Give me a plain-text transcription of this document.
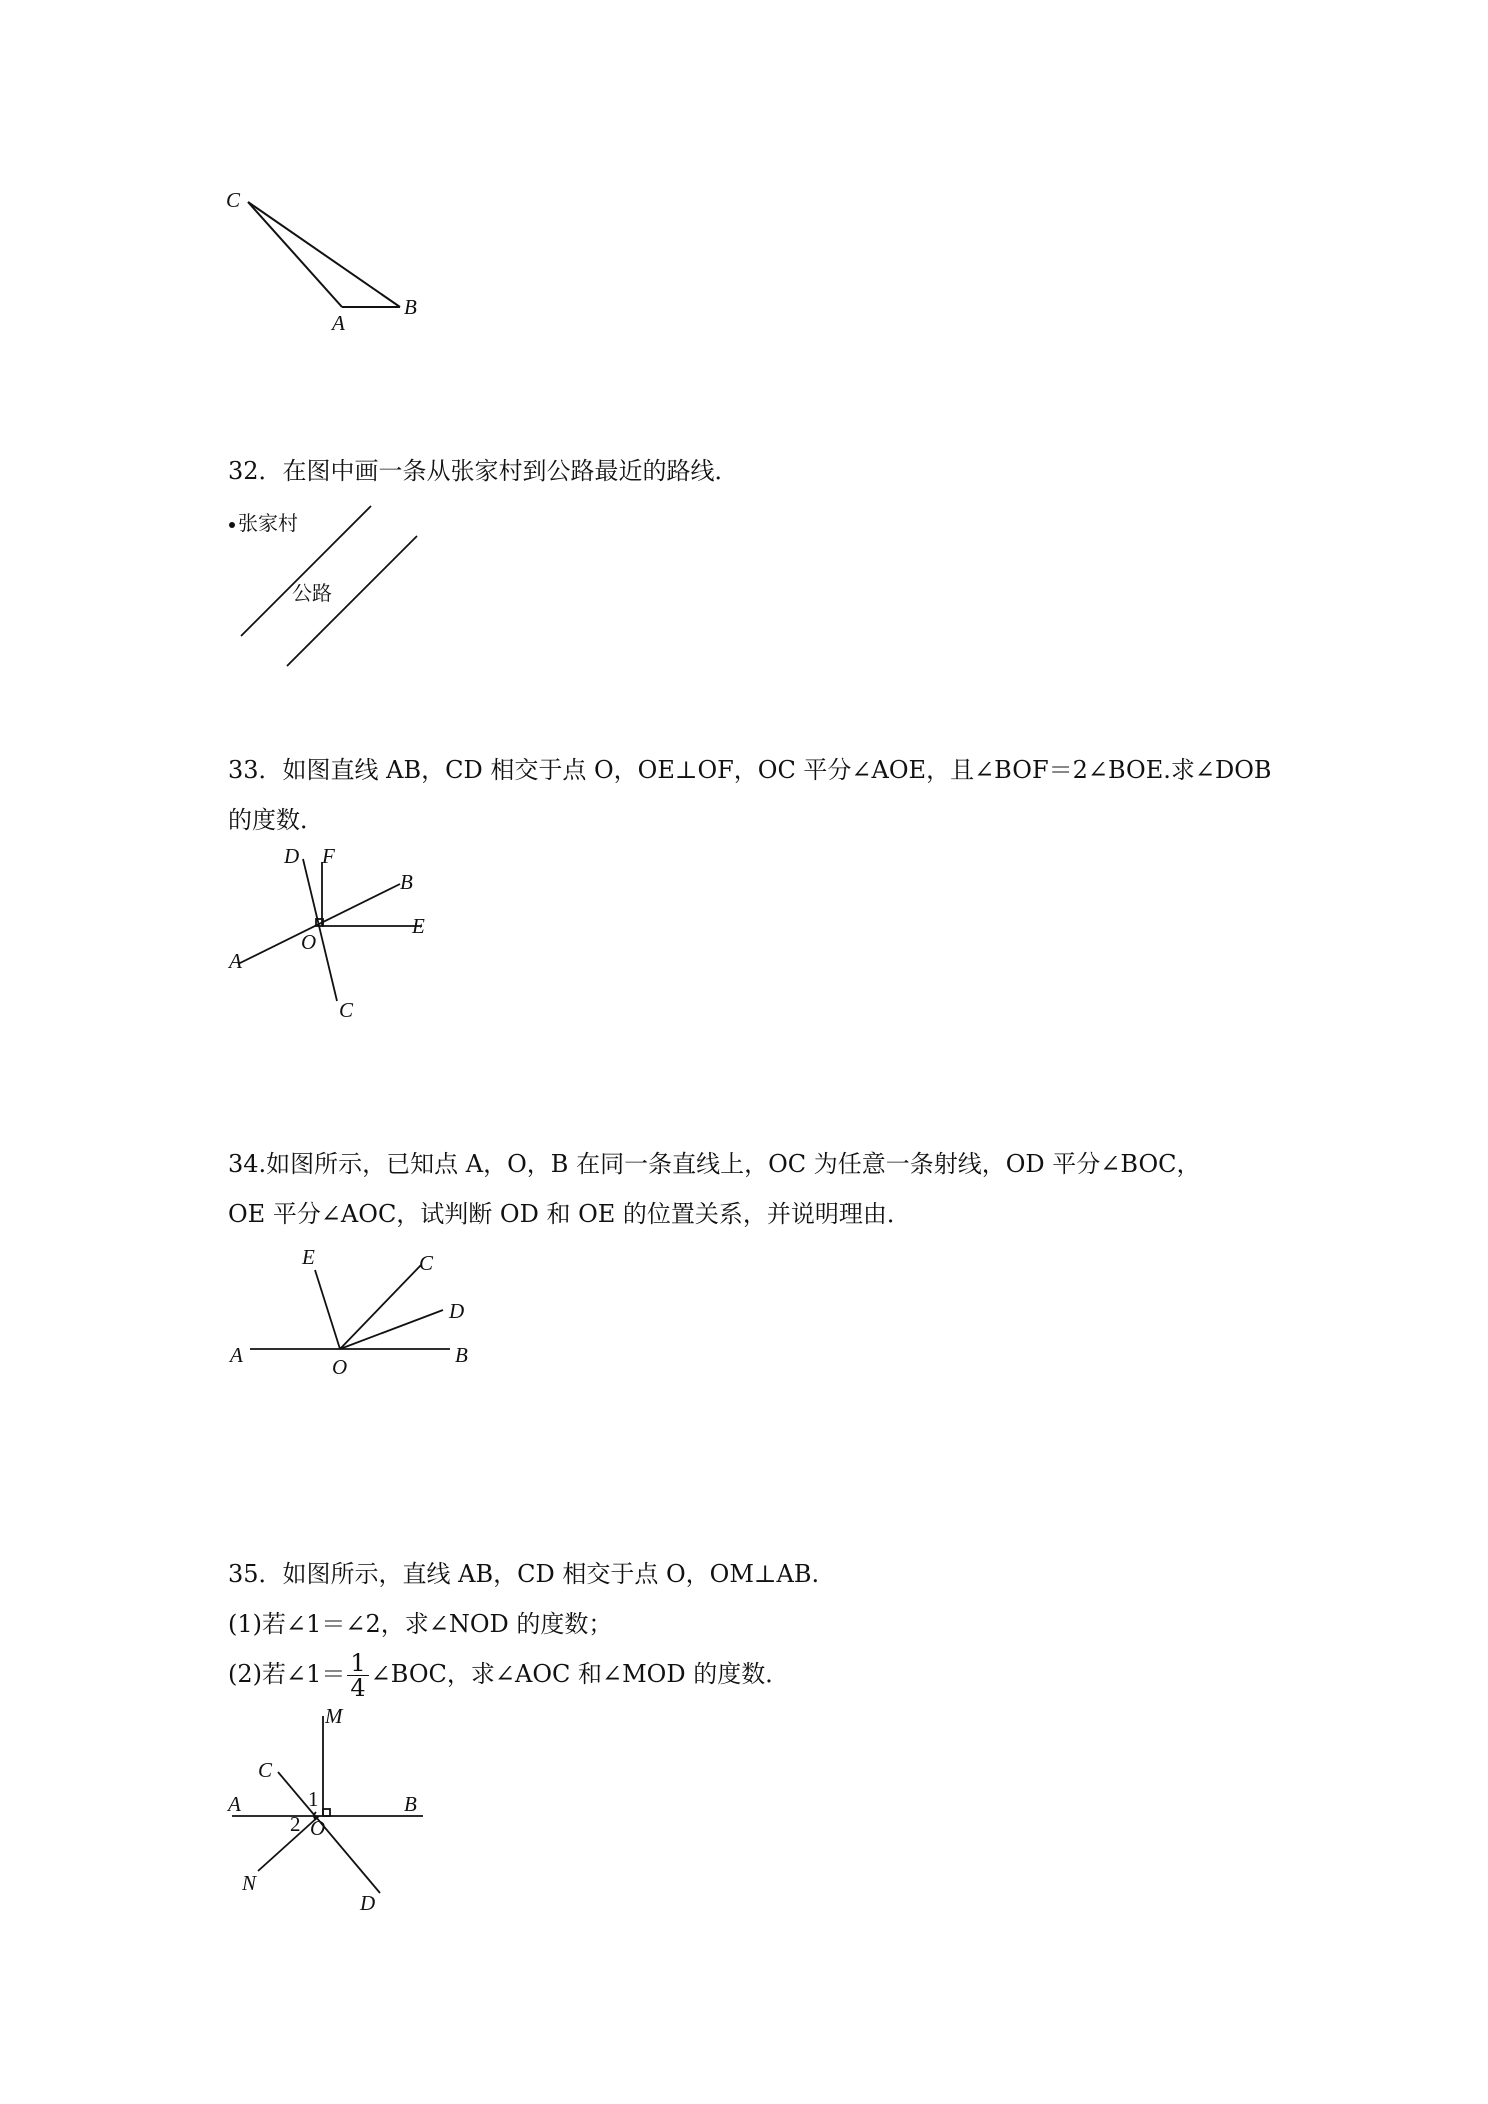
C
A
B

32．在图中画一条从张家村到公路最近的路线．

张家村
公路

33．如图直线 AB，CD 相交于点 O，OE⊥OF，OC 平分∠AOE，且∠BOF＝2∠BOE.求∠DOB

的度数．

D F
B
E
A
O
C

34.如图所示，已知点 A，O，B 在同一条直线上，OC 为任意一条射线，OD 平分∠BOC，

OE 平分∠AOC，试判断 OD 和 OE 的位置关系，并说明理由．

E	C
D
A	O	B

35．如图所示，直线 AB，CD 相交于点 O，OM⊥AB.

(1)若∠1＝∠2，求∠NOD 的度数；

(2)若∠1＝ $\frac{1}{4}$ ∠BOC，求∠AOC 和∠MOD 的度数．

M
C
A	B
N
D
O
1
2
